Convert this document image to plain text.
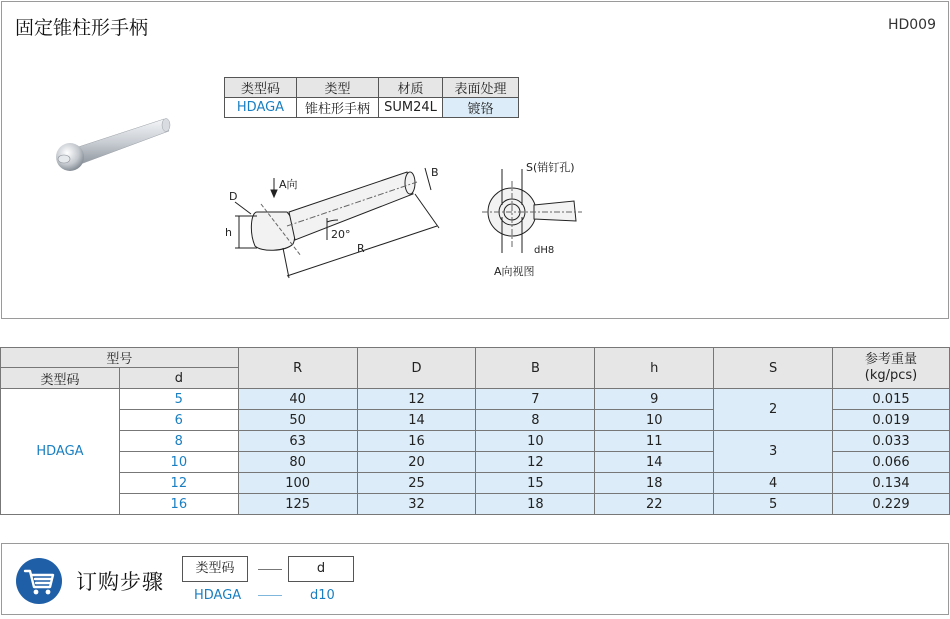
固定锥柱形手柄	HD009
类型码	类型	材质	表面处理
HDAGA	锥柱形手柄	SUM24L	镀铬
D
h
A向
20°
R
B	S(销钉孔)
dH8
A向视图
型号		R	D	B	h	S	参考重量
(kg/pcs)
类型码	d						
HDAGA	5	40	12	7	9	2	0.015
	6	50	14	8	10		0.019
	8	63	16	10	11	3	0.033
	10	80	20	12	14		0.066
	12	100	25	15	18	4	0.134
	16	125	32	18	22	5	0.229
订购步骤
类型码	d
HDAGA	d10
